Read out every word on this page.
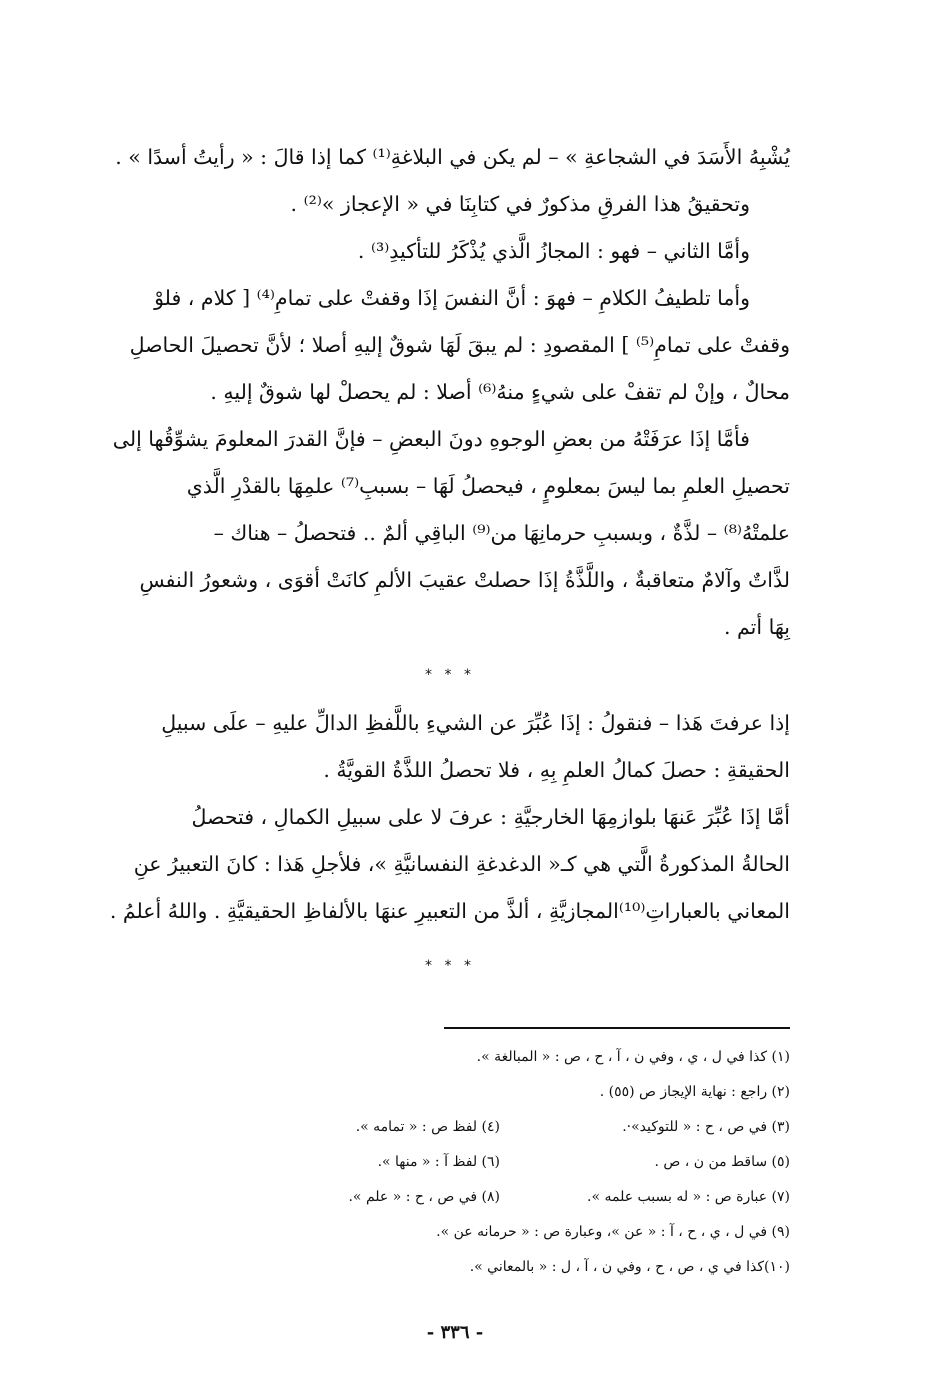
يُشْبِهُ الأَسَدَ في الشجاعةِ » – لم يكن في البلاغةِ⁽¹⁾ كما إذا قالَ : « رأيتُ أسدًا » .
وتحقيقُ هذا الفرقِ مذكورٌ في كتابِنَا في « الإعجاز »⁽²⁾ .
وأمَّا الثاني – فهو : المجازُ الَّذي يُذْكَرُ للتأكيدِ⁽³⁾ .
وأما تلطيفُ الكلامِ – فهوَ : أنَّ النفسَ إذَا وقفتْ على تمامِ⁽⁴⁾ [ كلام ، فلوْ
وقفتْ على تمامِ⁽⁵⁾ ] المقصودِ : لم يبقَ لَهَا شوقٌ إليهِ أصلا ؛ لأنَّ تحصيلَ الحاصلِ
محالٌ ، وإنْ لم تقفْ على شيءٍ منهُ⁽⁶⁾ أصلا : لم يحصلْ لها شوقٌ إليهِ .
فأمَّا إذَا عرَفَتْهُ من بعضِ الوجوهِ دونَ البعضِ – فإنَّ القدرَ المعلومَ يشوِّقُها إلى
تحصيلِ العلمِ بما ليسَ بمعلومٍ ، فيحصلُ لَهَا – بسببِ⁽⁷⁾ علمِهَا بالقدْرِ الَّذي
علمتْهُ⁽⁸⁾ – لذَّةٌ ، وبسببِ حرمانِهَا من⁽⁹⁾ الباقِي ألمٌ .. فتحصلُ – هناك –
لذَّاتٌ وآلامٌ متعاقبةٌ ، واللَّذَّةُ إذَا حصلتْ عقيبَ الألمِ كانَتْ أقوَى ، وشعورُ النفسِ
بِهَا أتم .
* * *
إذا عرفتَ هَذا – فنقولُ : إذَا عُبِّرَ عن الشيءِ باللَّفظِ الدالِّ عليهِ – علَى سبيلِ
الحقيقةِ : حصلَ كمالُ العلمِ بِهِ ، فلا تحصلُ اللذَّةُ القويَّةُ .
أمَّا إذَا عُبِّرَ عَنهَا بلوازمِهَا الخارجيَّةِ : عرفَ لا على سبيلِ الكمالِ ، فتحصلُ
الحالةُ المذكورةُ الَّتي هي كـ« الدغدغةِ النفسانيَّةِ »، فلأجلِ هَذا : كانَ التعبيرُ عنِ
المعاني بالعباراتِ⁽¹⁰⁾المجازيَّةِ ، ألذَّ من التعبيرِ عنهَا بالألفاظِ الحقيقيَّةِ . واللهُ أعلمُ .
* * *
(١) كذا في ل ، ي ، وفي ن ، آ ، ح ، ص : « المبالغة ».
(٢) راجع : نهاية الإيجاز ص (٥٥) .
(٣) في ص ، ح : « للتوكيد»·.
(٤) لفظ ص : « تمامه ».
(٥) ساقط من ن ، ص .
(٦) لفظ آ : « منها ».
(٧) عبارة ص : « له بسبب علمه ».
(٨) في ص ، ح : « علم ».
(٩) في ل ، ي ، ح ، آ : « عن »، وعبارة ص : « حرمانه عن ».
(١٠)كذا في ي ، ص ، ح ، وفي ن ، آ ، ل : « بالمعاني ».
- ٣٣٦ -
